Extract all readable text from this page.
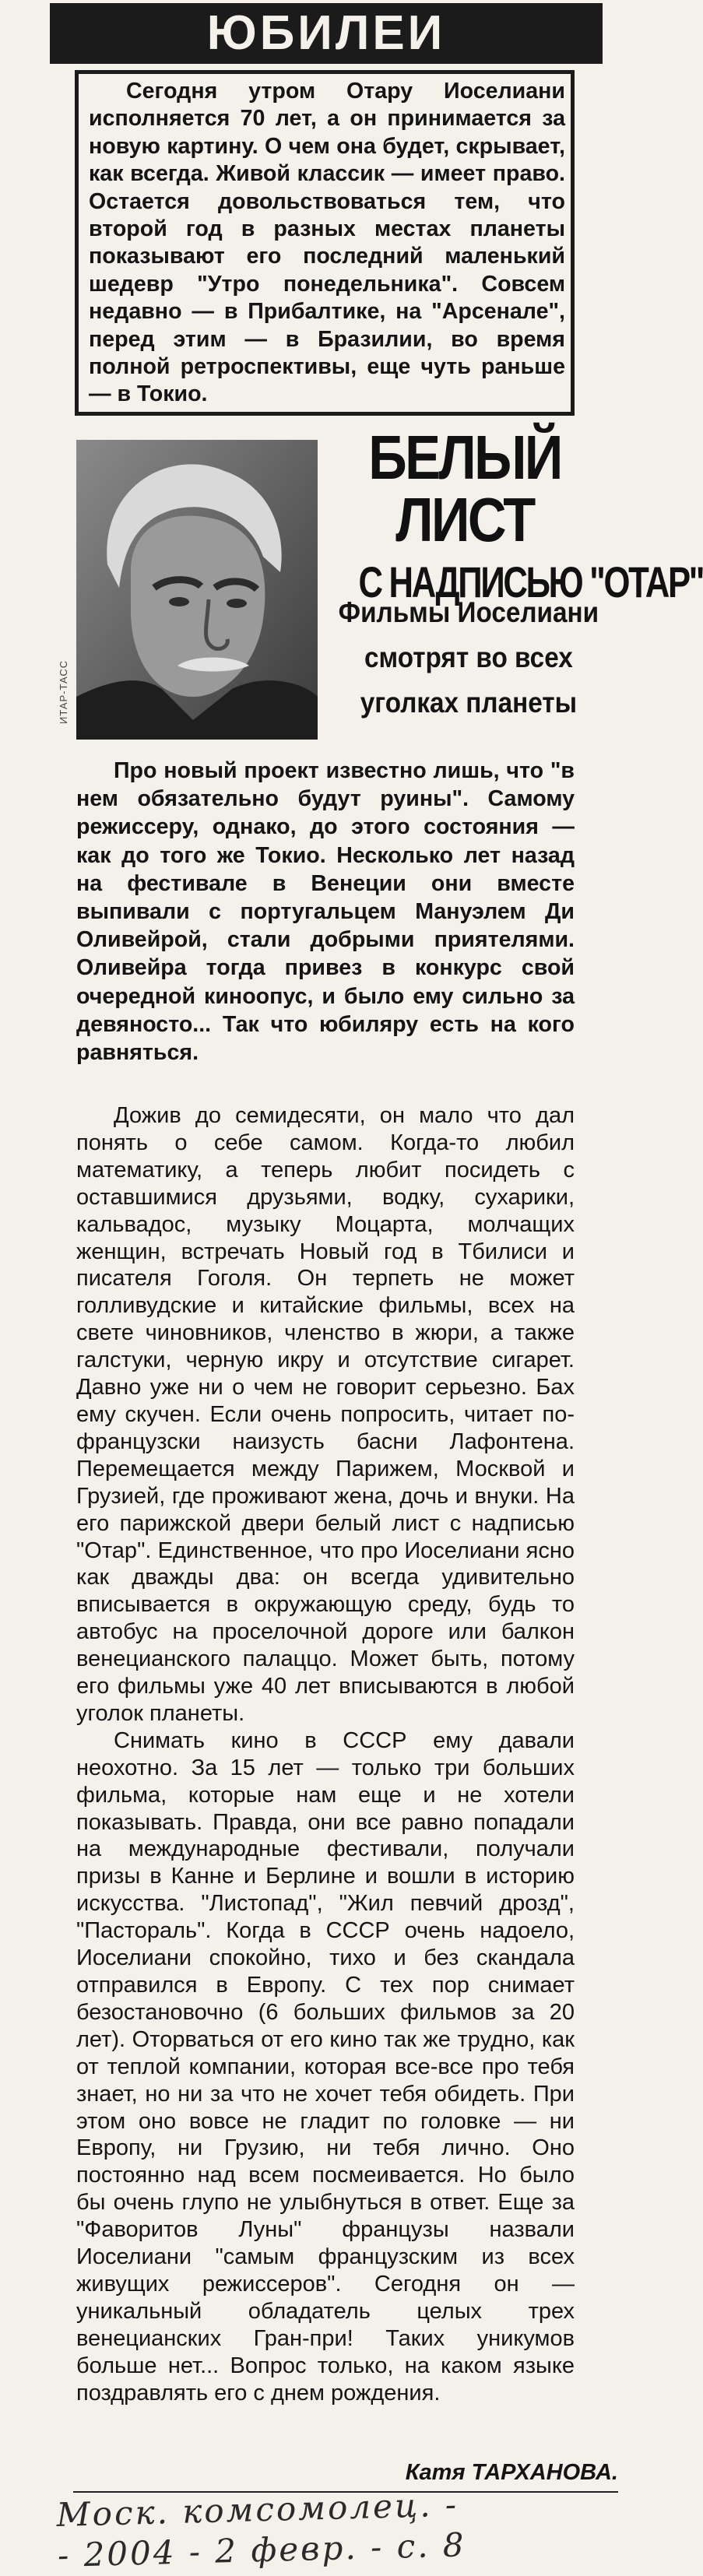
ЮБИЛЕИ

Сегодня утром Отару Иоселиани исполняется 70 лет, а он принимается за новую картину. О чем она будет, скрывает, как всегда. Живой классик — имеет право. Остается довольствоваться тем, что второй год в разных местах планеты показывают его последний маленький шедевр "Утро понедельника". Совсем недавно — в Прибалтике, на "Арсенале", перед этим — в Бразилии, во время полной ретроспективы, еще чуть раньше — в Токио.

ИТАР-ТАСС
БЕЛЫЙ ЛИСТ
С НАДПИСЬЮ "ОТАР"
Фильмы Иоселиани смотрят во всех уголках планеты

Про новый проект известно лишь, что "в нем обязательно будут руины". Самому режиссеру, однако, до этого состояния — как до того же Токио. Несколько лет назад на фестивале в Венеции они вместе выпивали с португальцем Мануэлем Ди Оливейрой, стали добрыми приятелями. Оливейра тогда привез в конкурс свой очередной киноопус, и было ему сильно за девяносто... Так что юбиляру есть на кого равняться.

Дожив до семидесяти, он мало что дал понять о себе самом. Когда-то любил математику, а теперь любит посидеть с оставшимися друзьями, водку, сухарики, кальвадос, музыку Моцарта, молчащих женщин, встречать Новый год в Тбилиси и писателя Гоголя. Он терпеть не может голливудские и китайские фильмы, всех на свете чиновников, членство в жюри, а также галстуки, черную икру и отсутствие сигарет. Давно уже ни о чем не говорит серьезно. Бах ему скучен. Если очень попросить, читает по-французски наизусть басни Лафонтена. Перемещается между Парижем, Москвой и Грузией, где проживают жена, дочь и внуки. На его парижской двери белый лист с надписью "Отар". Единственное, что про Иоселиани ясно как дважды два: он всегда удивительно вписывается в окружающую среду, будь то автобус на проселочной дороге или балкон венецианского палаццо. Может быть, потому его фильмы уже 40 лет вписываются в любой уголок планеты.

Снимать кино в СССР ему давали неохотно. За 15 лет — только три больших фильма, которые нам еще и не хотели показывать. Правда, они все равно попадали на международные фестивали, получали призы в Канне и Берлине и вошли в историю искусства. "Листопад", "Жил певчий дрозд", "Пастораль". Когда в СССР очень надоело, Иоселиани спокойно, тихо и без скандала отправился в Европу. С тех пор снимает безостановочно (6 больших фильмов за 20 лет). Оторваться от его кино так же трудно, как от теплой компании, которая все-все про тебя знает, но ни за что не хочет тебя обидеть. При этом оно вовсе не гладит по головке — ни Европу, ни Грузию, ни тебя лично. Оно постоянно над всем посмеивается. Но было бы очень глупо не улыбнуться в ответ. Еще за "Фаворитов Луны" французы назвали Иоселиани "самым французским из всех живущих режиссеров". Сегодня он — уникальный обладатель целых трех венецианских Гран-при! Таких уникумов больше нет... Вопрос только, на каком языке поздравлять его с днем рождения.

Катя ТАРХАНОВА.
Моск. комсомолец. -
- 2004 - 2 февр. - с. 8
